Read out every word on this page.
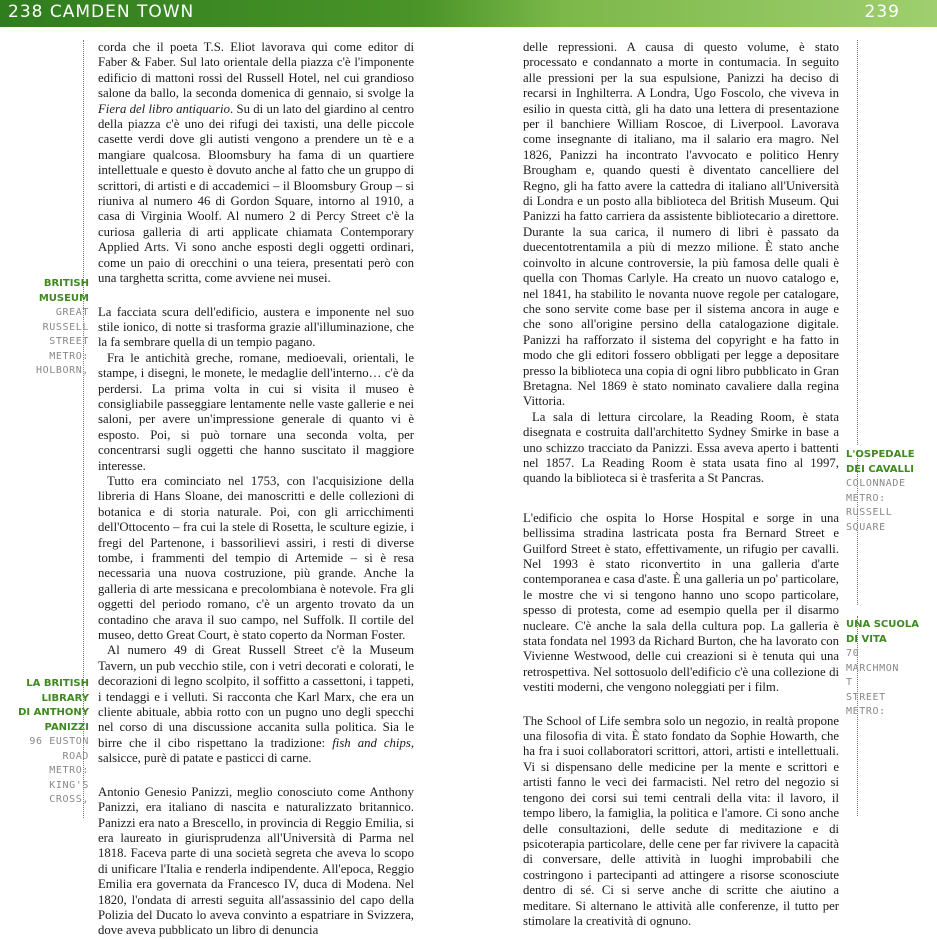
238 CAMDEN TOWN	239
BRITISH
MUSEUM
GREAT
RUSSELL
STREET
METRO:
HOLBORN,
LA BRITISH
LIBRARY
DI ANTHONY
PANIZZI
96 EUSTON
ROAD
METRO:
KING'S
CROSS,
L'OSPEDALE
DEI CAVALLI
COLONNADE
METRO:
RUSSELL
SQUARE
UNA SCUOLA
DI VITA
70
MARCHMON
T
STREET
METRO:

corda che il poeta T.S. Eliot lavorava qui come editor di Faber & Faber. Sul lato orientale della piazza c'è l'imponente edificio di mattoni rossi del Russell Hotel, nel cui grandioso salone da ballo, la seconda domenica di gennaio, si svolge la Fiera del libro antiquario. Su di un lato del giardino al centro della piazza c'è uno dei rifugi dei taxisti, una delle piccole casette verdi dove gli autisti vengono a prendere un tè e a mangiare qualcosa. Bloomsbury ha fama di un quartiere intellettuale e questo è dovuto anche al fatto che un gruppo di scrittori, di artisti e di accademici – il Bloomsbury Group – si riuniva al numero 46 di Gordon Square, intorno al 1910, a casa di Virginia Woolf. Al numero 2 di Percy Street c'è la curiosa galleria di arti applicate chiamata Contemporary Applied Arts. Vi sono anche esposti degli oggetti ordinari, come un paio di orecchini o una teiera, presentati però con una targhetta scritta, come avviene nei musei.

La facciata scura dell'edificio, austera e imponente nel suo stile ionico, di notte si trasforma grazie all'illuminazione, che la fa sembrare quella di un tempio pagano.

Fra le antichità greche, romane, medioevali, orientali, le stampe, i disegni, le monete, le medaglie dell'interno… c'è da perdersi. La prima volta in cui si visita il museo è consigliabile passeggiare lentamente nelle vaste gallerie e nei saloni, per avere un'impressione generale di quanto vi è esposto. Poi, si può tornare una seconda volta, per concentrarsi sugli oggetti che hanno suscitato il maggiore interesse.

Tutto era cominciato nel 1753, con l'acquisizione della libreria di Hans Sloane, dei manoscritti e delle collezioni di botanica e di storia naturale. Poi, con gli arricchimenti dell'Ottocento – fra cui la stele di Rosetta, le sculture egizie, i fregi del Partenone, i bassorilievi assiri, i resti di diverse tombe, i frammenti del tempio di Artemide – si è resa necessaria una nuova costruzione, più grande. Anche la galleria di arte messicana e precolombiana è notevole. Fra gli oggetti del periodo romano, c'è un argento trovato da un contadino che arava il suo campo, nel Suffolk. Il cortile del museo, detto Great Court, è stato coperto da Norman Foster.

Al numero 49 di Great Russell Street c'è la Museum Tavern, un pub vecchio stile, con i vetri decorati e colorati, le decorazioni di legno scolpito, il soffitto a cassettoni, i tappeti, i tendaggi e i velluti. Si racconta che Karl Marx, che era un cliente abituale, abbia rotto con un pugno uno degli specchi nel corso di una discussione accanita sulla politica. Sia le birre che il cibo rispettano la tradizione: fish and chips, salsicce, purè di patate e pasticci di carne.

Antonio Genesio Panizzi, meglio conosciuto come Anthony Panizzi, era italiano di nascita e naturalizzato britannico. Panizzi era nato a Brescello, in provincia di Reggio Emilia, si era laureato in giurisprudenza all'Università di Parma nel 1818. Faceva parte di una società segreta che aveva lo scopo di unificare l'Italia e renderla indipendente. All'epoca, Reggio Emilia era governata da Francesco IV, duca di Modena. Nel 1820, l'ondata di arresti seguita all'assassinio del capo della Polizia del Ducato lo aveva convinto a espatriare in Svizzera, dove aveva pubblicato un libro di denuncia

delle repressioni. A causa di questo volume, è stato processato e condannato a morte in contumacia. In seguito alle pressioni per la sua espulsione, Panizzi ha deciso di recarsi in Inghilterra. A Londra, Ugo Foscolo, che viveva in esilio in questa città, gli ha dato una lettera di presentazione per il banchiere William Roscoe, di Liverpool. Lavorava come insegnante di italiano, ma il salario era magro. Nel 1826, Panizzi ha incontrato l'avvocato e politico Henry Brougham e, quando questi è diventato cancelliere del Regno, gli ha fatto avere la cattedra di italiano all'Università di Londra e un posto alla biblioteca del British Museum. Qui Panizzi ha fatto carriera da assistente bibliotecario a direttore. Durante la sua carica, il numero di libri è passato da duecentotrentamila a più di mezzo milione. È stato anche coinvolto in alcune controversie, la più famosa delle quali è quella con Thomas Carlyle. Ha creato un nuovo catalogo e, nel 1841, ha stabilito le novanta nuove regole per catalogare, che sono servite come base per il sistema ancora in auge e che sono all'origine persino della catalogazione digitale. Panizzi ha rafforzato il sistema del copyright e ha fatto in modo che gli editori fossero obbligati per legge a depositare presso la biblioteca una copia di ogni libro pubblicato in Gran Bretagna. Nel 1869 è stato nominato cavaliere dalla regina Vittoria.

La sala di lettura circolare, la Reading Room, è stata disegnata e costruita dall'architetto Sydney Smirke in base a uno schizzo tracciato da Panizzi. Essa aveva aperto i battenti nel 1857. La Reading Room è stata usata fino al 1997, quando la biblioteca si è trasferita a St Pancras.

L'edificio che ospita lo Horse Hospital e sorge in una bellissima stradina lastricata posta fra Bernard Street e Guilford Street è stato, effettivamente, un rifugio per cavalli. Nel 1993 è stato riconvertito in una galleria d'arte contemporanea e casa d'aste. È una galleria un po' particolare, le mostre che vi si tengono hanno uno scopo particolare, spesso di protesta, come ad esempio quella per il disarmo nucleare. C'è anche la sala della cultura pop. La galleria è stata fondata nel 1993 da Richard Burton, che ha lavorato con Vivienne Westwood, delle cui creazioni si è tenuta qui una retrospettiva. Nel sottosuolo dell'edificio c'è una collezione di vestiti moderni, che vengono noleggiati per i film.

The School of Life sembra solo un negozio, in realtà propone una filosofia di vita. È stato fondato da Sophie Howarth, che ha fra i suoi collaboratori scrittori, attori, artisti e intellettuali. Vi si dispensano delle medicine per la mente e scrittori e artisti fanno le veci dei farmacisti. Nel retro del negozio si tengono dei corsi sui temi centrali della vita: il lavoro, il tempo libero, la famiglia, la politica e l'amore. Ci sono anche delle consultazioni, delle sedute di meditazione e di psicoterapia particolare, delle cene per far rivivere la capacità di conversare, delle attività in luoghi improbabili che costringono i partecipanti ad attingere a risorse sconosciute dentro di sé. Ci si serve anche di scritte che aiutino a meditare. Si alternano le attività alle conferenze, il tutto per stimolare la creatività di ognuno.
